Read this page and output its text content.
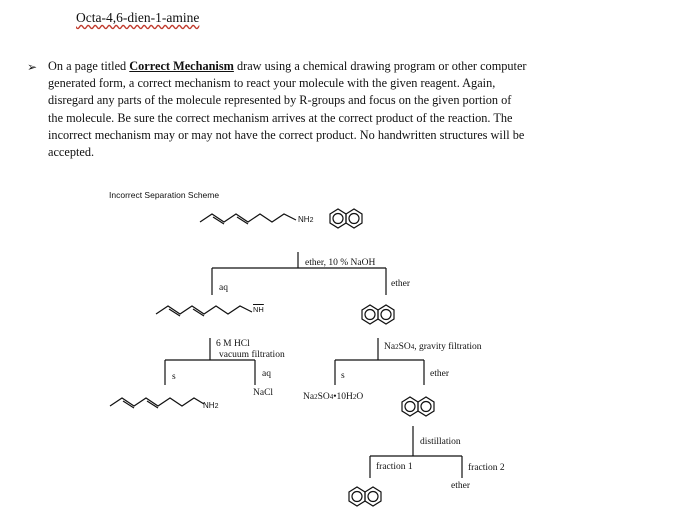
Octa-4,6-dien-1-amine
➢ On a page titled Correct Mechanism draw using a chemical drawing program or other computer generated form, a correct mechanism to react your molecule with the given reagent. Again, disregard any parts of the molecule represented by R-groups and focus on the given portion of the molecule. Be sure the correct mechanism arrives at the correct product of the reaction. The incorrect mechanism may or may not have the correct product. No handwritten structures will be accepted.
Incorrect Separation Scheme
NH2
ether, 10 % NaOH
aq	ether
$\overline{NH}$
6 M HCl
vacuum filtration
Na2SO4, gravity filtration
s	aq
NaCl
s	ether
NH2
Na2SO4•10H2O
distillation
fraction 1	fraction 2
ether
